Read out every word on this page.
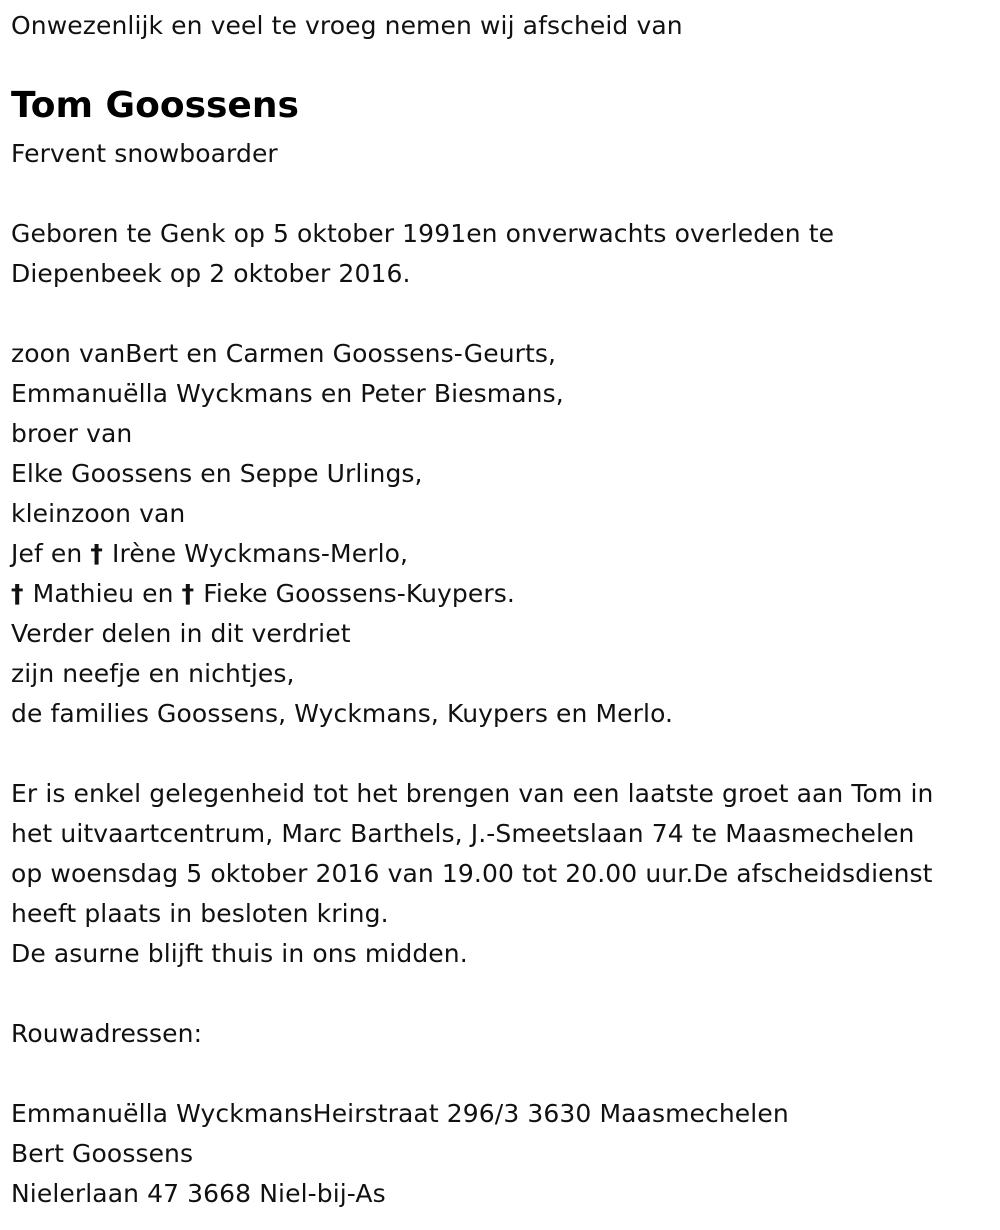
Onwezenlijk en veel te vroeg nemen wij afscheid van
Tom Goossens
Fervent snowboarder
Geboren te Genk op 5 oktober 1991en onverwachts overleden te
Diepenbeek op 2 oktober 2016.
zoon vanBert en Carmen Goossens-Geurts,
Emmanuëlla Wyckmans en Peter Biesmans,
broer van
Elke Goossens en Seppe Urlings,
kleinzoon van
Jef en † Irène Wyckmans-Merlo,
† Mathieu en † Fieke Goossens-Kuypers.
Verder delen in dit verdriet
zijn neefje en nichtjes,
de families Goossens, Wyckmans, Kuypers en Merlo.
Er is enkel gelegenheid tot het brengen van een laatste groet aan Tom in
het uitvaartcentrum, Marc Barthels, J.-Smeetslaan 74 te Maasmechelen
op woensdag 5 oktober 2016 van 19.00 tot 20.00 uur.De afscheidsdienst
heeft plaats in besloten kring.
De asurne blijft thuis in ons midden.
Rouwadressen:
Emmanuëlla WyckmansHeirstraat 296/3 3630 Maasmechelen
Bert Goossens
Nielerlaan 47 3668 Niel-bij-As
